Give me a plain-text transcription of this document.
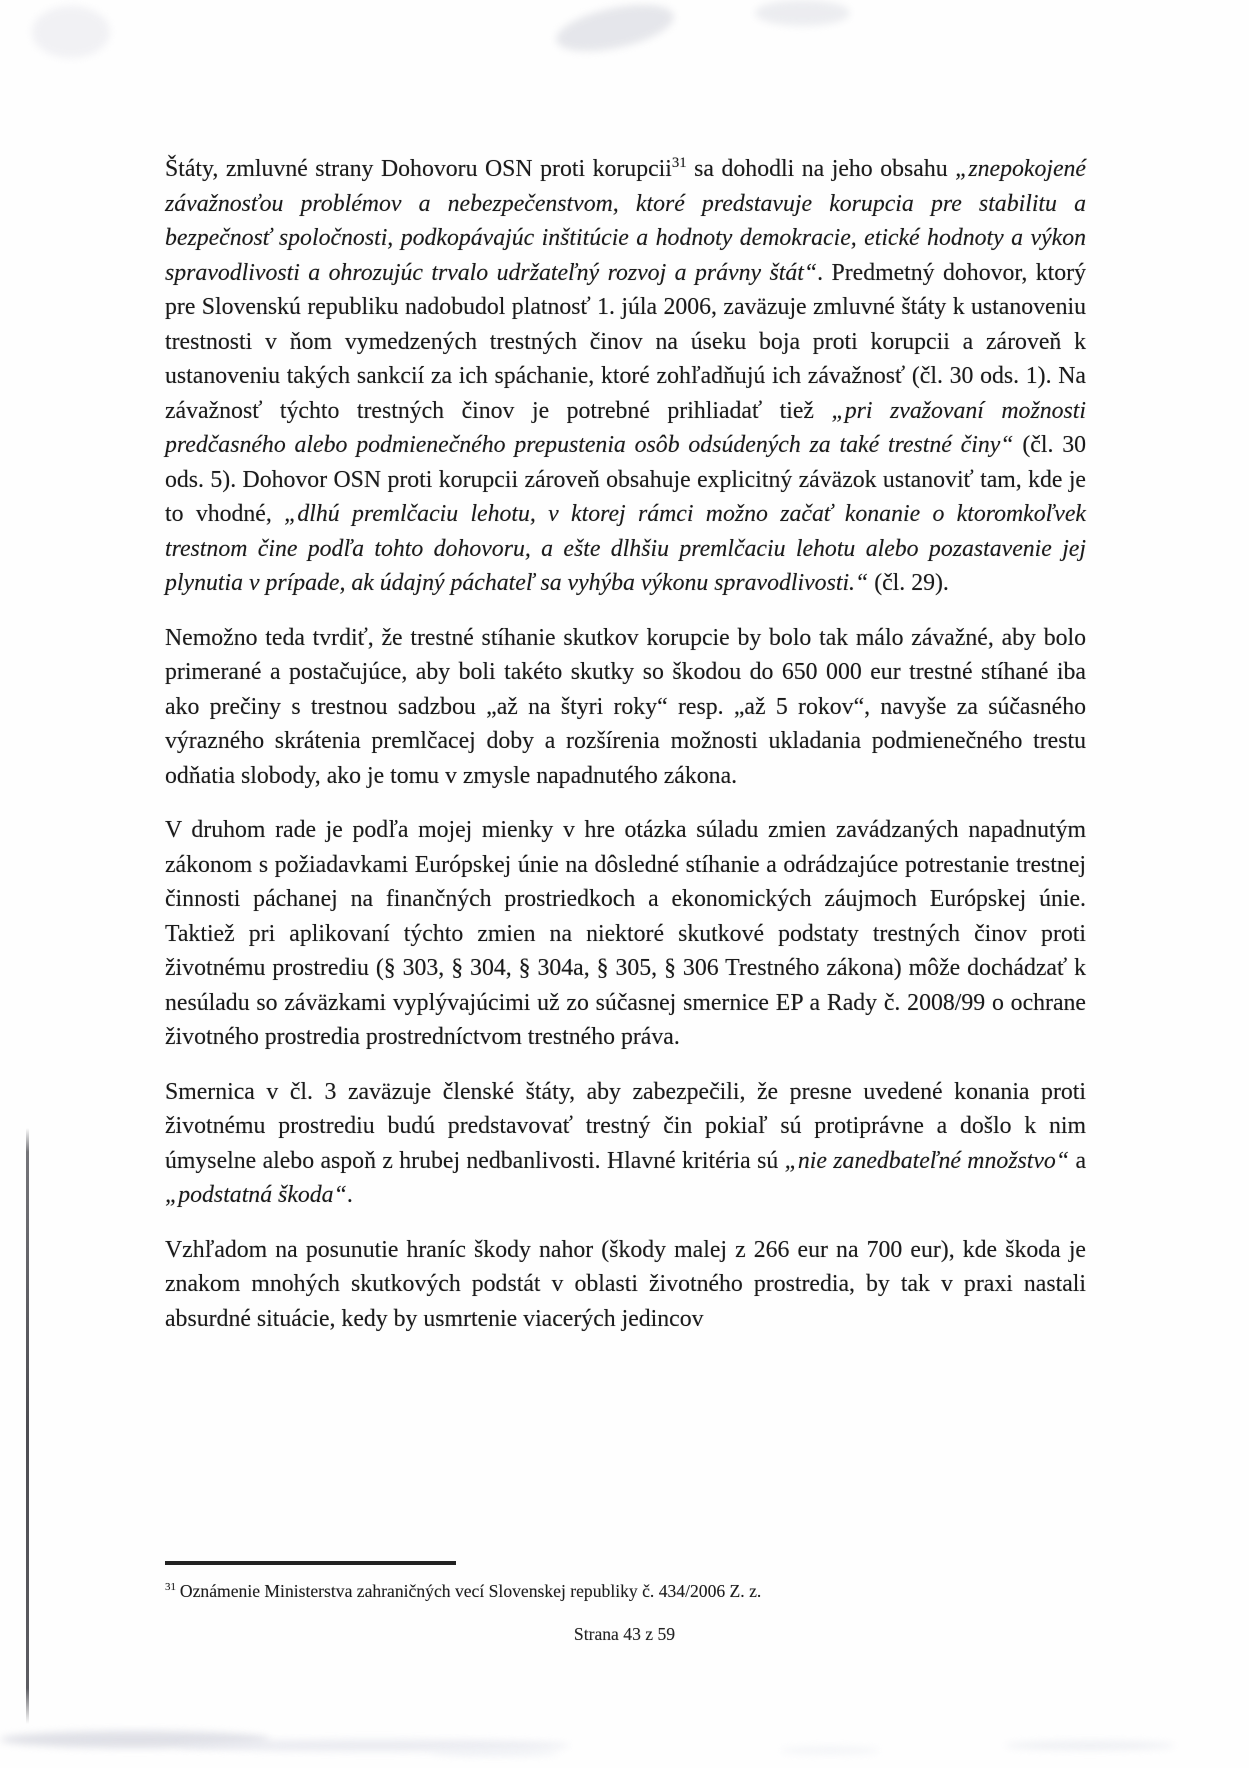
Štáty, zmluvné strany Dohovoru OSN proti korupcii$^{31}$ sa dohodli na jeho obsahu „znepokojené závažnosťou problémov a nebezpečenstvom, ktoré predstavuje korupcia pre stabilitu a bezpečnosť spoločnosti, podkopávajúc inštitúcie a hodnoty demokracie, etické hodnoty a výkon spravodlivosti a ohrozujúc trvalo udržateľný rozvoj a právny štát“. Predmetný dohovor, ktorý pre Slovenskú republiku nadobudol platnosť 1. júla 2006, zaväzuje zmluvné štáty k ustanoveniu trestnosti v ňom vymedzených trestných činov na úseku boja proti korupcii a zároveň k ustanoveniu takých sankcií za ich spáchanie, ktoré zohľadňujú ich závažnosť (čl. 30 ods. 1). Na závažnosť týchto trestných činov je potrebné prihliadať tiež „pri zvažovaní možnosti predčasného alebo podmienečného prepustenia osôb odsúdených za také trestné činy“ (čl. 30 ods. 5). Dohovor OSN proti korupcii zároveň obsahuje explicitný záväzok ustanoviť tam, kde je to vhodné, „dlhú premlčaciu lehotu, v ktorej rámci možno začať konanie o ktoromkoľvek trestnom čine podľa tohto dohovoru, a ešte dlhšiu premlčaciu lehotu alebo pozastavenie jej plynutia v prípade, ak údajný páchateľ sa vyhýba výkonu spravodlivosti.“ (čl. 29).

Nemožno teda tvrdiť, že trestné stíhanie skutkov korupcie by bolo tak málo závažné, aby bolo primerané a postačujúce, aby boli takéto skutky so škodou do 650 000 eur trestné stíhané iba ako prečiny s trestnou sadzbou „až na štyri roky“ resp. „až 5 rokov“, navyše za súčasného výrazného skrátenia premlčacej doby a rozšírenia možnosti ukladania podmienečného trestu odňatia slobody, ako je tomu v zmysle napadnutého zákona.

V druhom rade je podľa mojej mienky v hre otázka súladu zmien zavádzaných napadnutým zákonom s požiadavkami Európskej únie na dôsledné stíhanie a odrádzajúce potrestanie trestnej činnosti páchanej na finančných prostriedkoch a ekonomických záujmoch Európskej únie. Taktiež pri aplikovaní týchto zmien na niektoré skutkové podstaty trestných činov proti životnému prostrediu (§ 303, § 304, § 304a, § 305, § 306 Trestného zákona) môže dochádzať k nesúladu so záväzkami vyplývajúcimi už zo súčasnej smernice EP a Rady č. 2008/99 o ochrane životného prostredia prostredníctvom trestného práva.

Smernica v čl. 3 zaväzuje členské štáty, aby zabezpečili, že presne uvedené konania proti životnému prostrediu budú predstavovať trestný čin pokiaľ sú protiprávne a došlo k nim úmyselne alebo aspoň z hrubej nedbanlivosti. Hlavné kritéria sú „nie zanedbateľné množstvo“ a „podstatná škoda“.

Vzhľadom na posunutie hraníc škody nahor (škody malej z 266 eur na 700 eur), kde škoda je znakom mnohých skutkových podstát v oblasti životného prostredia, by tak v praxi nastali absurdné situácie, kedy by usmrtenie viacerých jedincov

$^{31}$ Oznámenie Ministerstva zahraničných vecí Slovenskej republiky č. 434/2006 Z. z.
Strana 43 z 59
